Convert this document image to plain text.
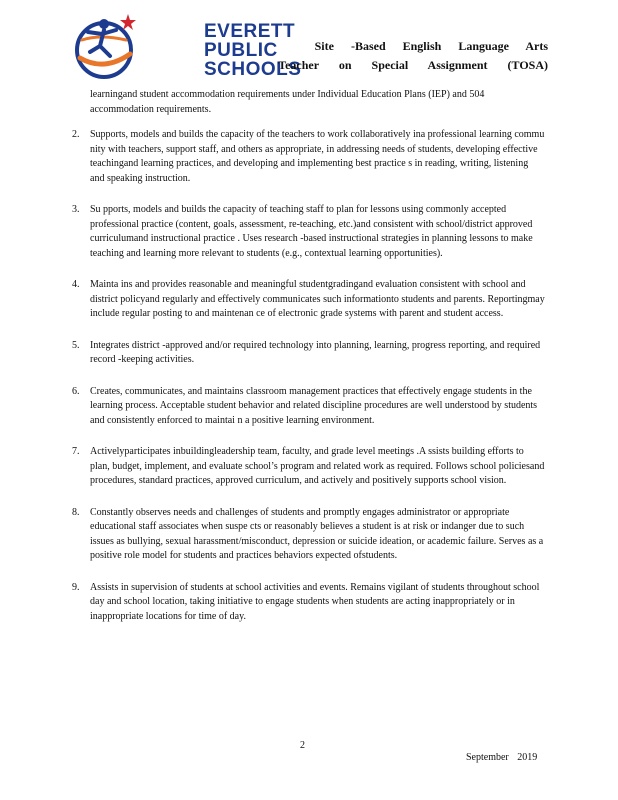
EVERETT
PUBLIC
SCHOOLS
Site -Based English Language Arts
Teacher on Special Assignment (TOSA)
learningand student accommodation requirements under Individual Education Plans (IEP) and 504 accommodation requirements.
2. Supports, models and builds the capacity of the teachers to work collaboratively ina professional learning commu nity with teachers, support staff, and others as appropriate, in addressing needs of students, developing effective teachingand learning practices, and developing and implementing best practice s in reading, writing, listening and speaking instruction.
3. Su pports, models and builds the capacity of teaching staff to plan for lessons using commonly accepted professional practice (content, goals, assessment, re-teaching, etc.)and consistent with school/district approved curriculumand instructional practice . Uses research -based instructional strategies in planning lessons to make teaching and learning more relevant to students (e.g., contextual learning opportunities).
4. Mainta ins and provides reasonable and meaningful studentgradingand evaluation consistent with school and district policyand regularly and effectively communicates such informationto students and parents. Reportingmay include regular posting to and maintenan ce of electronic grade systems with parent and student access.
5. Integrates district -approved and/or required technology into planning, learning, progress reporting, and required record -keeping activities.
6. Creates, communicates, and maintains classroom management practices that effectively engage students in the learning process. Acceptable student behavior and related discipline procedures are well understood by students and consistently enforced to maintai n a positive learning environment.
7. Activelyparticipates inbuildingleadership team, faculty, and grade level meetings .A ssists building efforts to plan, budget, implement, and evaluate school’s program and related work as required. Follows school policiesand procedures, standard practices, approved curriculum, and actively and positively supports school vision.
8. Constantly observes needs and challenges of students and promptly engages administrator or appropriate educational staff associates when suspe cts or reasonably believes a student is at risk or indanger due to such issues as bullying, sexual harassment/misconduct, depression or suicide ideation, or academic failure. Serves as a positive role model for students and practices behaviors expected ofstudents.
9. Assists in supervision of students at school activities and events. Remains vigilant of students throughout school day and school location, taking initiative to engage students when students are acting inappropriately or in inappropriate locations for time of day.
2
September 2019
